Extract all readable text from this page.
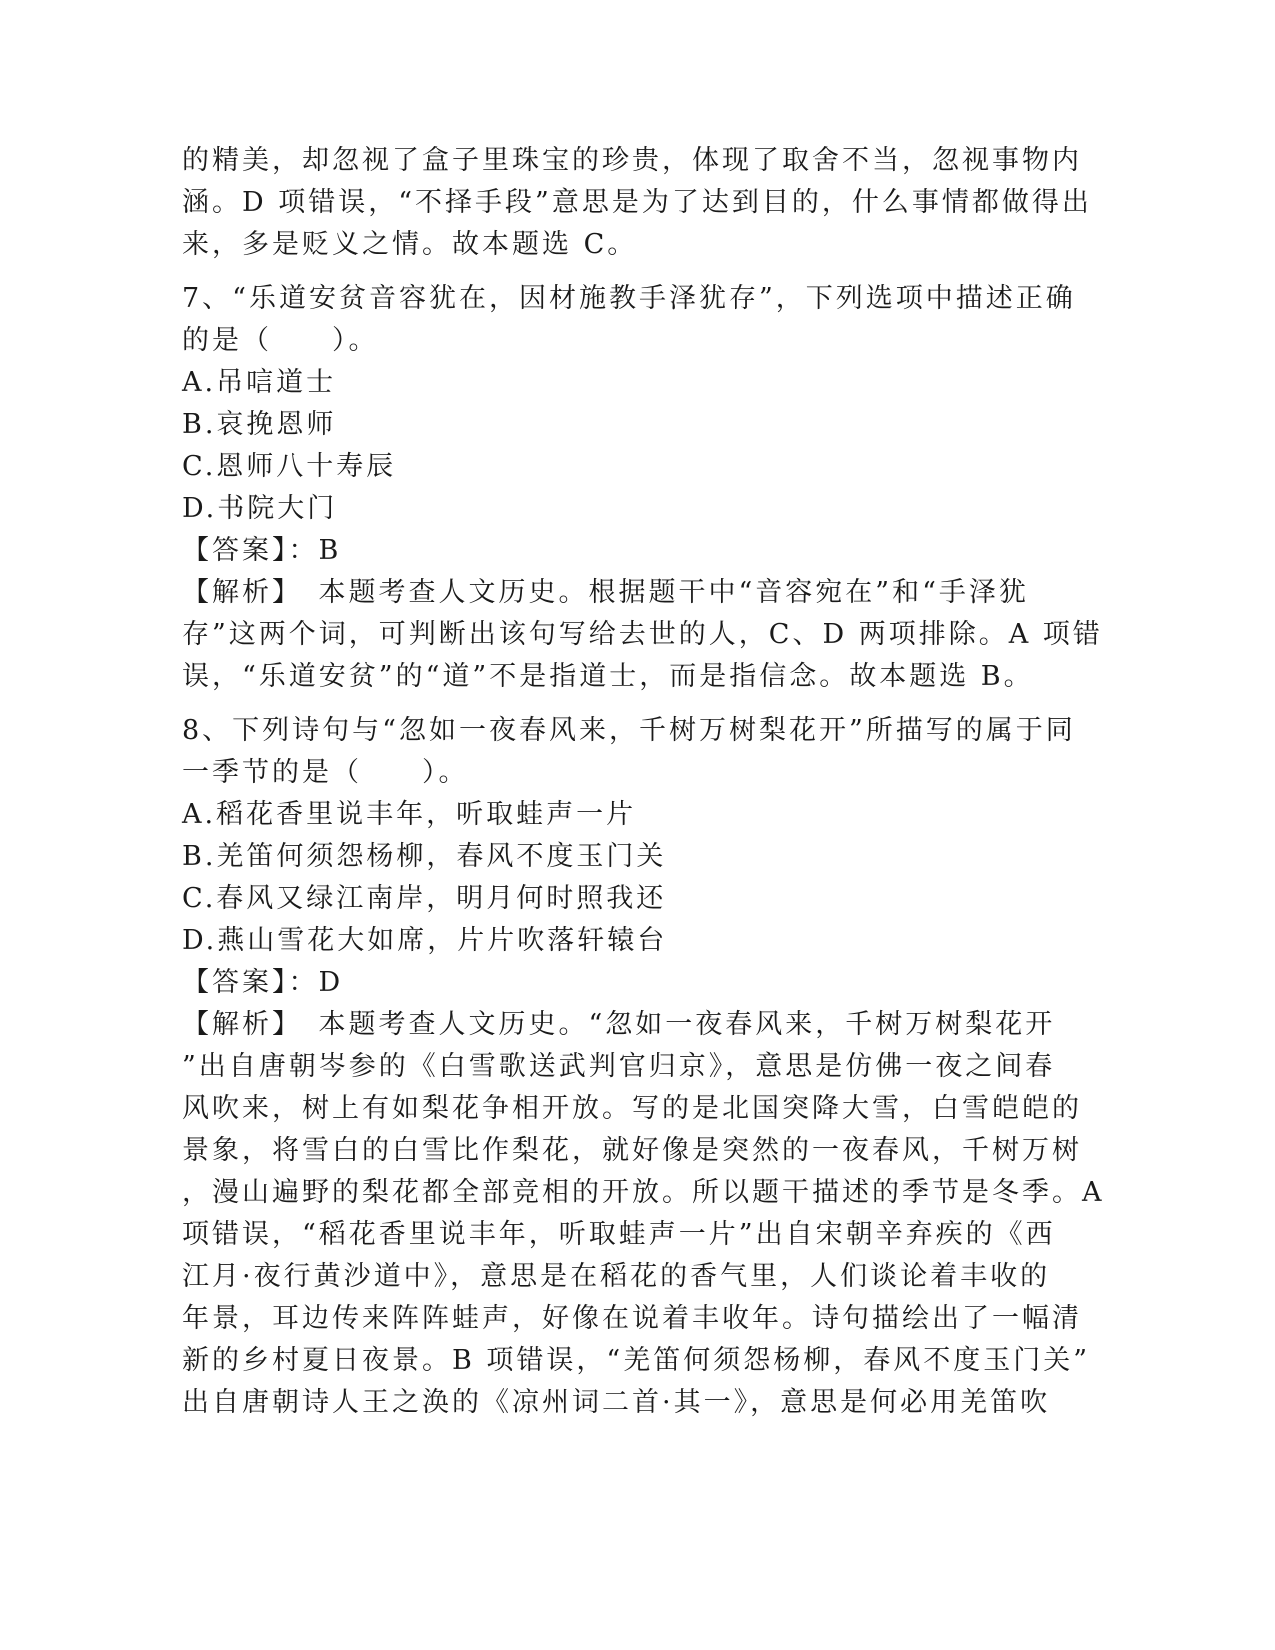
的精美，却忽视了盒子里珠宝的珍贵，体现了取舍不当，忽视事物内
涵。D 项错误，“不择手段”意思是为了达到目的，什么事情都做得出
来，多是贬义之情。故本题选 C。
7、“乐道安贫音容犹在，因材施教手泽犹存”，下列选项中描述正确
的是（　　）。
A.吊唁道士
B.哀挽恩师
C.恩师八十寿辰
D.书院大门
【答案】：B
【解析】　本题考查人文历史。根据题干中“音容宛在”和“手泽犹
存”这两个词，可判断出该句写给去世的人，C、D 两项排除。A 项错
误，“乐道安贫”的“道”不是指道士，而是指信念。故本题选 B。
8、下列诗句与“忽如一夜春风来，千树万树梨花开”所描写的属于同
一季节的是（　　）。
A.稻花香里说丰年，听取蛙声一片
B.羌笛何须怨杨柳，春风不度玉门关
C.春风又绿江南岸，明月何时照我还
D.燕山雪花大如席，片片吹落轩辕台
【答案】：D
【解析】　本题考查人文历史。“忽如一夜春风来，千树万树梨花开
”出自唐朝岑参的《白雪歌送武判官归京》，意思是仿佛一夜之间春
风吹来，树上有如梨花争相开放。写的是北国突降大雪，白雪皑皑的
景象，将雪白的白雪比作梨花，就好像是突然的一夜春风，千树万树
，漫山遍野的梨花都全部竞相的开放。所以题干描述的季节是冬季。A
项错误，“稻花香里说丰年，听取蛙声一片”出自宋朝辛弃疾的《西
江月·夜行黄沙道中》，意思是在稻花的香气里，人们谈论着丰收的
年景，耳边传来阵阵蛙声，好像在说着丰收年。诗句描绘出了一幅清
新的乡村夏日夜景。B 项错误，“羌笛何须怨杨柳，春风不度玉门关”
出自唐朝诗人王之涣的《凉州词二首·其一》，意思是何必用羌笛吹
